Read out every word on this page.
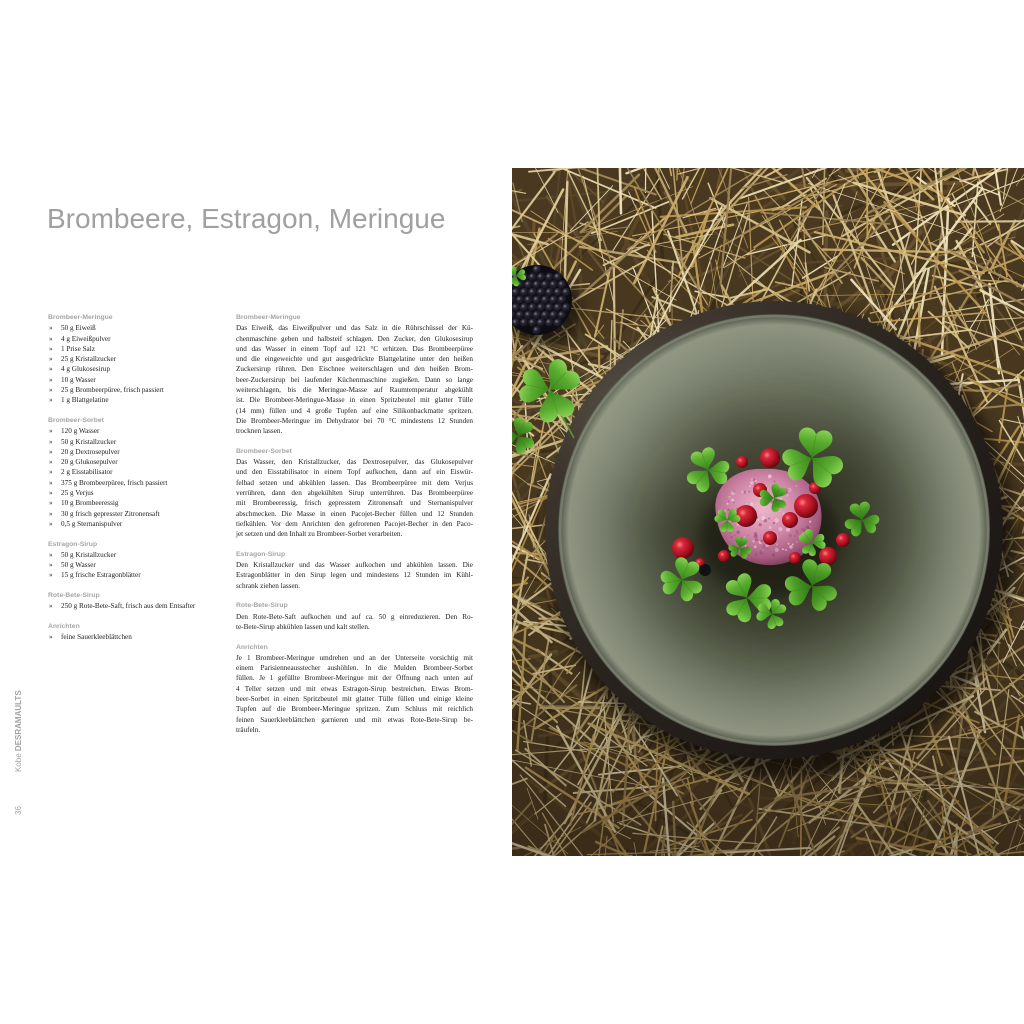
Brombeere, Estragon, Meringue
Brombeer-Meringue
» 50 g Eiweiß
» 4 g Eiweißpulver
» 1 Prise Salz
» 25 g Kristallzucker
» 4 g Glukosesirup
» 10 g Wasser
» 25 g Brombeerpüree, frisch passiert
» 1 g Blattgelatine
Brombeer-Sorbet
» 120 g Wasser
» 50 g Kristallzucker
» 20 g Dextrosepulver
» 20 g Glukosepulver
» 2 g Eisstabilisator
» 375 g Brombeerpüree, frisch passiert
» 25 g Verjus
» 10 g Brombeeressig
» 30 g frisch gepresster Zitronensaft
» 0,5 g Sternanispulver
Estragon-Sirup
» 50 g Kristallzucker
» 50 g Wasser
» 15 g frische Estragonblätter
Rote-Bete-Sirup
» 250 g Rote-Bete-Saft, frisch aus dem Entsafter
Anrichten
» feine Sauerkleeblättchen
Brombeer-Meringue
Das Eiweiß, das Eiweißpulver und das Salz in die Rührschüssel der Kü-
chenmaschine geben und halbsteif schlagen. Den Zucker, den Glukosesirup
und das Wasser in einem Topf auf 121 °C erhitzen. Das Brombeerpüree
und die eingeweichte und gut ausgedrückte Blattgelatine unter den heißen
Zuckersirup rühren. Den Eischnee weiterschlagen und den heißen Brom-
beer-Zuckersirup bei laufender Küchenmaschine zugießen. Dann so lange
weiterschlagen, bis die Meringue-Masse auf Raumtemperatur abgekühlt
ist. Die Brombeer-Meringue-Masse in einen Spritzbeutel mit glatter Tülle
(14 mm) füllen und 4 große Tupfen auf eine Silikonbackmatte spritzen.
Die Brombeer-Meringue im Dehydrator bei 70 °C mindestens 12 Stunden
trocknen lassen.
Brombeer-Sorbet
Das Wasser, den Kristallzucker, das Dextrosepulver, das Glukosepulver
und den Eisstabilisator in einem Topf aufkochen, dann auf ein Eiswür-
felbad setzen und abkühlen lassen. Das Brombeerpüree mit dem Verjus
verrühren, dann den abgekühlten Sirup unterrühren. Das Brombeerpüree
mit Brombeeressig, frisch gepresstem Zitronensaft und Sternanispulver
abschmecken. Die Masse in einen Pacojet-Becher füllen und 12 Stunden
tiefkühlen. Vor dem Anrichten den gefrorenen Pacojet-Becher in den Paco-
jet setzen und den Inhalt zu Brombeer-Sorbet verarbeiten.
Estragon-Sirup
Den Kristallzucker und das Wasser aufkochen und abkühlen lassen. Die
Estragonblätter in den Sirup legen und mindestens 12 Stunden im Kühl-
schrank ziehen lassen.
Rote-Bete-Sirup
Den Rote-Bete-Saft aufkochen und auf ca. 50 g einreduzieren. Den Ro-
te-Bete-Sirup abkühlen lassen und kalt stellen.
Anrichten
Je 1 Brombeer-Meringue umdrehen und an der Unterseite vorsichtig mit
einem Parisienneausstecher aushöhlen. In die Mulden Brombeer-Sorbet
füllen. Je 1 gefüllte Brombeer-Meringue mit der Öffnung nach unten auf
4 Teller setzen und mit etwas Estragon-Sirup bestreichen. Etwas Brom-
beer-Sorbet in einen Spritzbeutel mit glatter Tülle füllen und einige kleine
Tupfen auf die Brombeer-Meringue spritzen. Zum Schluss mit reichlich
feinen Sauerkleeblättchen garnieren und mit etwas Rote-Bete-Sirup be-
träufeln.
Kobe DESRAMAULTS
36
